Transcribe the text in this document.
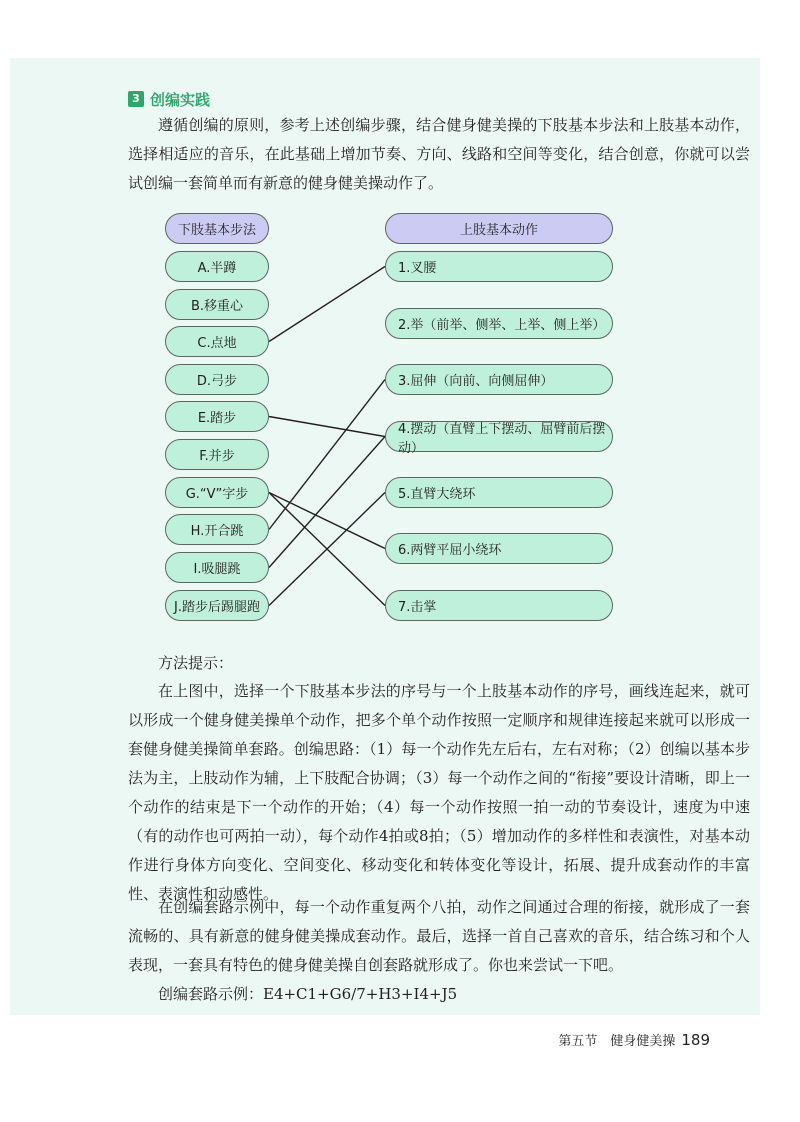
3 创编实践

遵循创编的原则，参考上述创编步骤，结合健身健美操的下肢基本步法和上肢基本动作，选择相适应的音乐，在此基础上增加节奏、方向、线路和空间等变化，结合创意，你就可以尝试创编一套简单而有新意的健身健美操动作了。

下肢基本步法	上肢基本动作
A.半蹲
B.移重心
C.点地
D.弓步
E.踏步
F.并步
G.“V”字步
H.开合跳
I.吸腿跳
J.踏步后踢腿跑
1.叉腰
2.举（前举、侧举、上举、侧上举）
3.屈伸（向前、向侧屈伸）
4.摆动（直臂上下摆动、屈臂前后摆动）
5.直臂大绕环
6.两臂平屈小绕环
7.击掌

方法提示：

在上图中，选择一个下肢基本步法的序号与一个上肢基本动作的序号，画线连起来，就可以形成一个健身健美操单个动作，把多个单个动作按照一定顺序和规律连接起来就可以形成一套健身健美操简单套路。创编思路：（1）每一个动作先左后右，左右对称；（2）创编以基本步法为主，上肢动作为辅，上下肢配合协调；（3）每一个动作之间的“衔接”要设计清晰，即上一个动作的结束是下一个动作的开始；（4）每一个动作按照一拍一动的节奏设计，速度为中速（有的动作也可两拍一动），每个动作4拍或8拍；（5）增加动作的多样性和表演性，对基本动作进行身体方向变化、空间变化、移动变化和转体变化等设计，拓展、提升成套动作的丰富性、表演性和动感性。

在创编套路示例中，每一个动作重复两个八拍，动作之间通过合理的衔接，就形成了一套流畅的、具有新意的健身健美操成套动作。最后，选择一首自己喜欢的音乐，结合练习和个人表现，一套具有特色的健身健美操自创套路就形成了。你也来尝试一下吧。

创编套路示例：E4+C1+G6/7+H3+I4+J5

第五节　健身健美操 189
